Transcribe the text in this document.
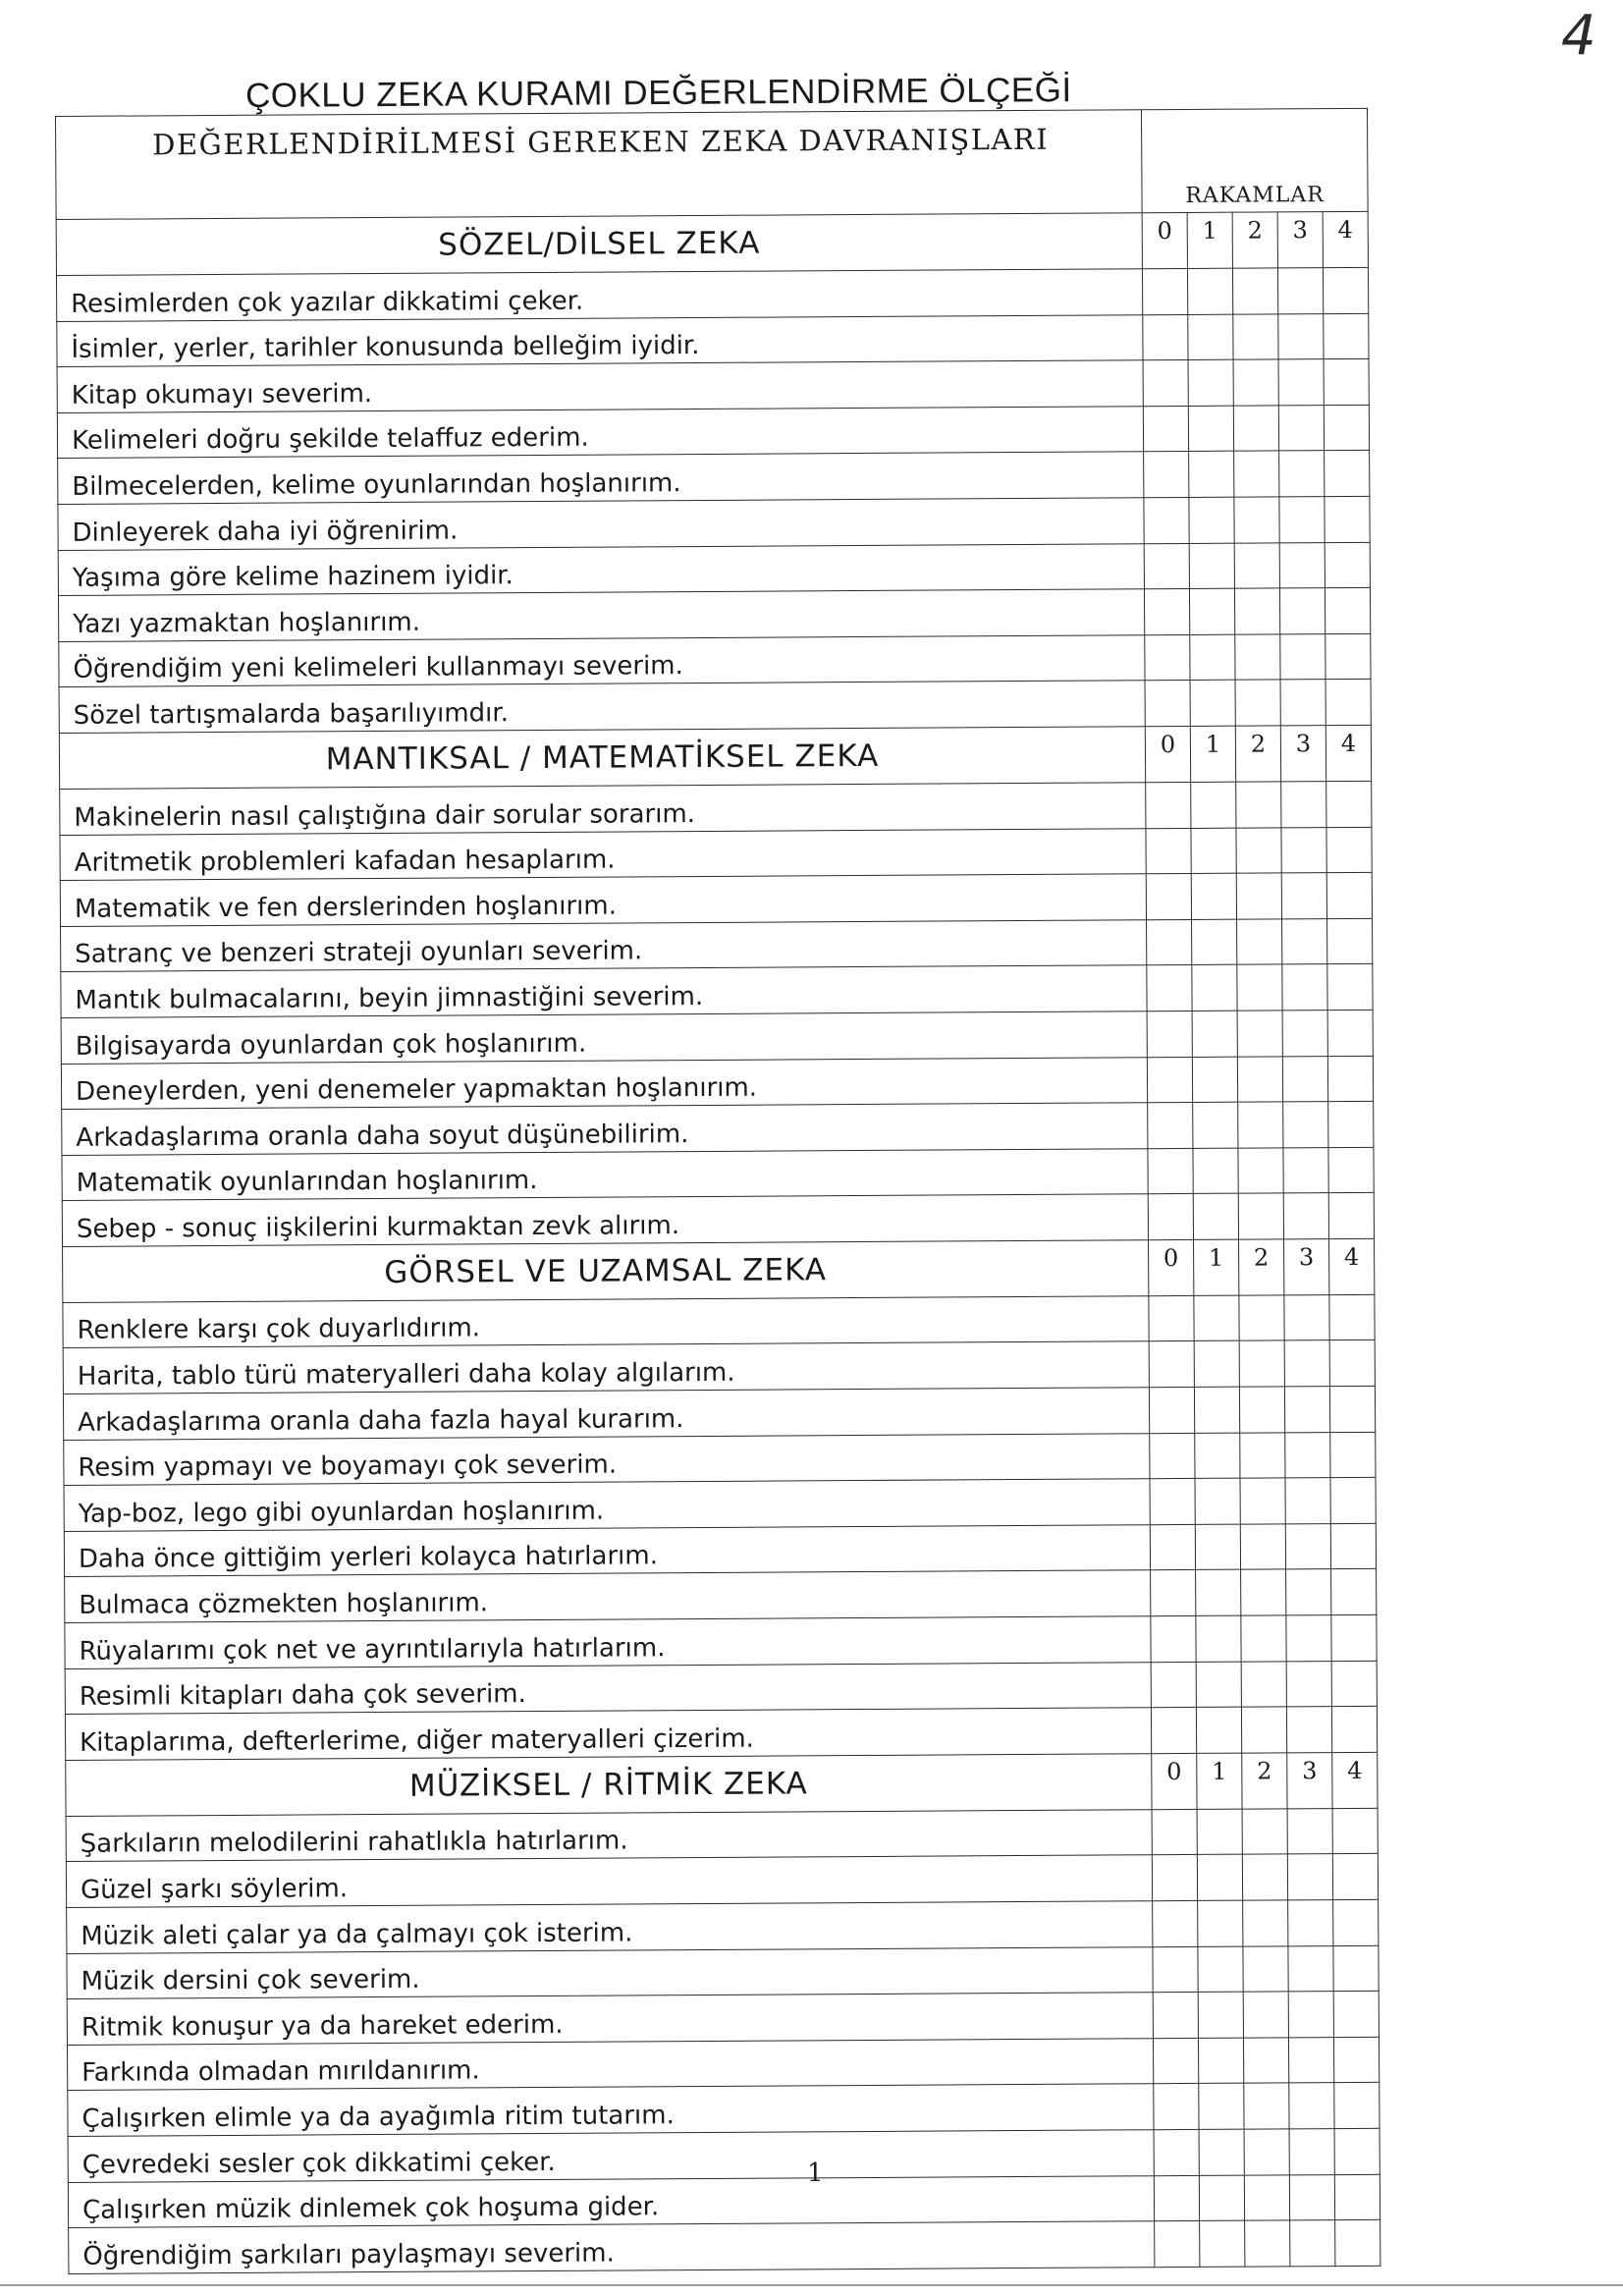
4
ÇOKLU ZEKA KURAMI DEĞERLENDİRME ÖLÇEĞİ
DEĞERLENDİRİLMESİ GEREKEN ZEKA DAVRANIŞLARI	RAKAMLAR				
SÖZEL/DİLSEL ZEKA	0	1	2	3	4
Resimlerden çok yazılar dikkatimi çeker.					
İsimler, yerler, tarihler konusunda belleğim iyidir.					
Kitap okumayı severim.					
Kelimeleri doğru şekilde telaffuz ederim.					
Bilmecelerden, kelime oyunlarından hoşlanırım.					
Dinleyerek daha iyi öğrenirim.					
Yaşıma göre kelime hazinem iyidir.					
Yazı yazmaktan hoşlanırım.					
Öğrendiğim yeni kelimeleri kullanmayı severim.					
Sözel tartışmalarda başarılıyımdır.					
MANTIKSAL / MATEMATİKSEL ZEKA	0	1	2	3	4
Makinelerin nasıl çalıştığına dair sorular sorarım.					
Aritmetik problemleri kafadan hesaplarım.					
Matematik ve fen derslerinden hoşlanırım.					
Satranç ve benzeri strateji oyunları severim.					
Mantık bulmacalarını, beyin jimnastiğini severim.					
Bilgisayarda oyunlardan çok hoşlanırım.					
Deneylerden, yeni denemeler yapmaktan hoşlanırım.					
Arkadaşlarıma oranla daha soyut düşünebilirim.					
Matematik oyunlarından hoşlanırım.					
Sebep - sonuç iişkilerini kurmaktan zevk alırım.					
GÖRSEL VE UZAMSAL ZEKA	0	1	2	3	4
Renklere karşı çok duyarlıdırım.					
Harita, tablo türü materyalleri daha kolay algılarım.					
Arkadaşlarıma oranla daha fazla hayal kurarım.					
Resim yapmayı ve boyamayı çok severim.					
Yap-boz, lego gibi oyunlardan hoşlanırım.					
Daha önce gittiğim yerleri kolayca hatırlarım.					
Bulmaca çözmekten hoşlanırım.					
Rüyalarımı çok net ve ayrıntılarıyla hatırlarım.					
Resimli kitapları daha çok severim.					
Kitaplarıma, defterlerime, diğer materyalleri çizerim.					
MÜZİKSEL / RİTMİK ZEKA	0	1	2	3	4
Şarkıların melodilerini rahatlıkla hatırlarım.					
Güzel şarkı söylerim.					
Müzik aleti çalar ya da çalmayı çok isterim.					
Müzik dersini çok severim.					
Ritmik konuşur ya da hareket ederim.					
Farkında olmadan mırıldanırım.					
Çalışırken elimle ya da ayağımla ritim tutarım.					
Çevredeki sesler çok dikkatimi çeker.					
Çalışırken müzik dinlemek çok hoşuma gider.					
Öğrendiğim şarkıları paylaşmayı severim.					
1
